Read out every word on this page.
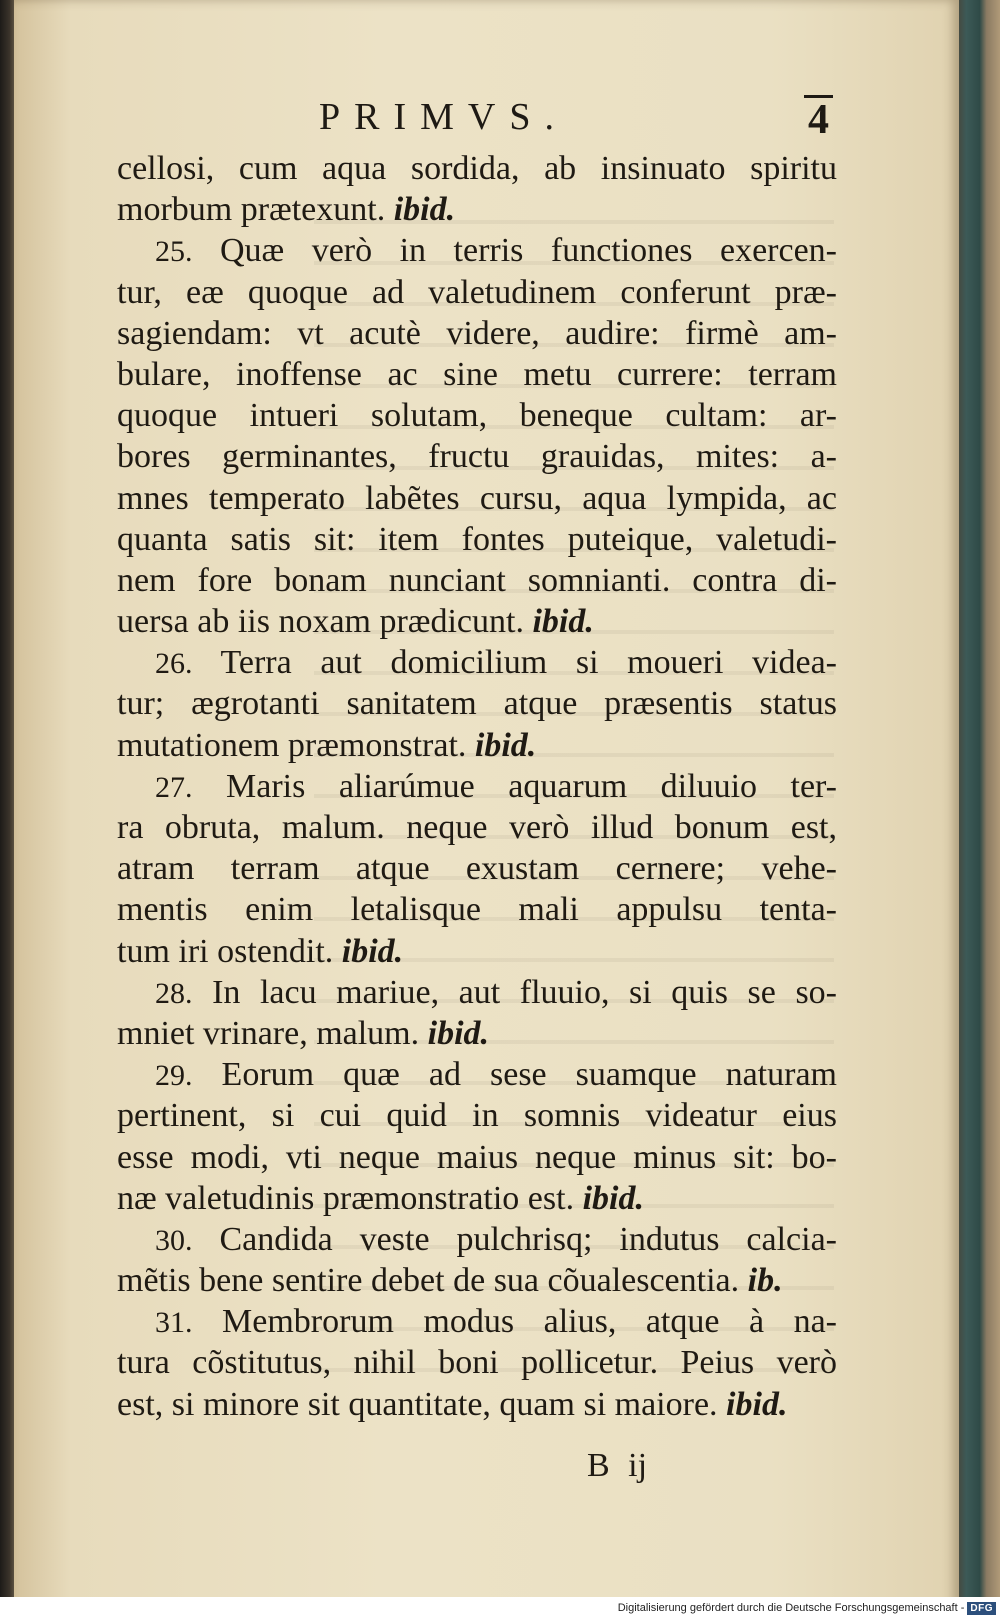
PRIMVS.	4
cellosi, cum aqua sordida, ab insinuato spiritu
morbum prætexunt. ibid.
25. Quæ verò in terris functiones exercen-
tur, eæ quoque ad valetudinem conferunt præ-
sagiendam: vt acutè videre, audire: firmè am-
bulare, inoffense ac sine metu currere: terram
quoque intueri solutam, beneque cultam: ar-
bores germinantes, fructu grauidas, mites: a-
mnes temperato labẽtes cursu, aqua lympida, ac
quanta satis sit: item fontes puteique, valetudi-
nem fore bonam nunciant somnianti. contra di-
uersa ab iis noxam prædicunt. ibid.
26. Terra aut domicilium si moueri videa-
tur; ægrotanti sanitatem atque præsentis status
mutationem præmonstrat. ibid.
27. Maris aliarúmue aquarum diluuio ter-
ra obruta, malum. neque verò illud bonum est,
atram terram atque exustam cernere; vehe-
mentis enim letalisque mali appulsu tenta-
tum iri ostendit. ibid.
28. In lacu mariue, aut fluuio, si quis se so-
mniet vrinare, malum. ibid.
29. Eorum quæ ad sese suamque naturam
pertinent, si cui quid in somnis videatur eius
esse modi, vti neque maius neque minus sit: bo-
næ valetudinis præmonstratio est. ibid.
30. Candida veste pulchrisq; indutus calcia-
mẽtis bene sentire debet de sua cõualescentia. ib.
31. Membrorum modus alius, atque à na-
tura cõstitutus, nihil boni pollicetur. Peius verò
est, si minore sit quantitate, quam si maiore. ibid.
B ij
Digitalisierung gefördert durch die Deutsche Forschungsgemeinschaft - DFG
